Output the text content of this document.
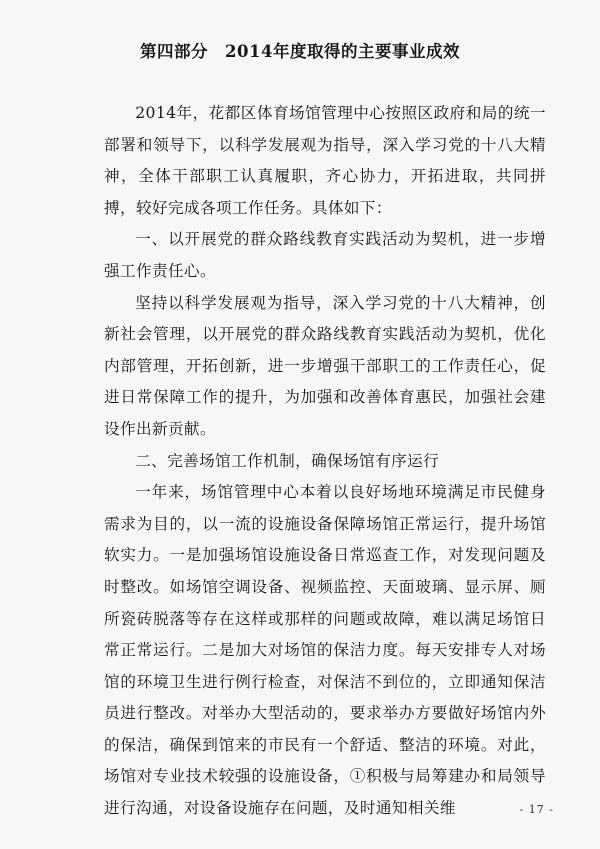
第四部分　2014年度取得的主要事业成效

2014年，花都区体育场馆管理中心按照区政府和局的统一部署和领导下，以科学发展观为指导，深入学习党的十八大精神，全体干部职工认真履职，齐心协力，开拓进取，共同拼搏，较好完成各项工作任务。具体如下：

一、以开展党的群众路线教育实践活动为契机，进一步增强工作责任心。

坚持以科学发展观为指导，深入学习党的十八大精神，创新社会管理，以开展党的群众路线教育实践活动为契机，优化内部管理，开拓创新，进一步增强干部职工的工作责任心，促进日常保障工作的提升，为加强和改善体育惠民，加强社会建设作出新贡献。

二、完善场馆工作机制，确保场馆有序运行

一年来，场馆管理中心本着以良好场地环境满足市民健身需求为目的，以一流的设施设备保障场馆正常运行，提升场馆软实力。一是加强场馆设施设备日常巡查工作，对发现问题及时整改。如场馆空调设备、视频监控、天面玻璃、显示屏、厕所瓷砖脱落等存在这样或那样的问题或故障，难以满足场馆日常正常运行。二是加大对场馆的保洁力度。每天安排专人对场馆的环境卫生进行例行检查，对保洁不到位的，立即通知保洁员进行整改。对举办大型活动的，要求举办方要做好场馆内外的保洁，确保到馆来的市民有一个舒适、整洁的环境。对此，场馆对专业技术较强的设施设备，①积极与局筹建办和局领导进行沟通，对设备设施存在问题，及时通知相关维	- 17 -
